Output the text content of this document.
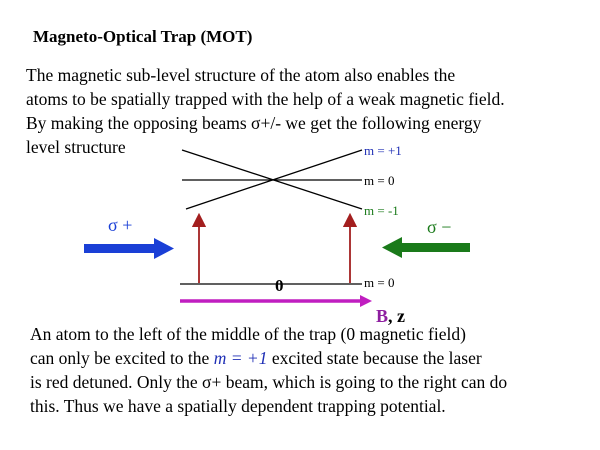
Magneto-Optical Trap (MOT)
The magnetic sub-level structure of the atom also enables the
atoms to be spatially trapped with the help of a weak magnetic field.
By making the opposing beams σ+/- we get the following energy
level structure	m = +1
m = 0
m = -1
m = 0
σ +	σ −
0
B, z
An atom to the left of the middle of the trap (0 magnetic field)
can only be excited to the m = +1 excited state because the laser
is red detuned. Only the σ+ beam, which is going to the right can do
this. Thus we have a spatially dependent trapping potential.
